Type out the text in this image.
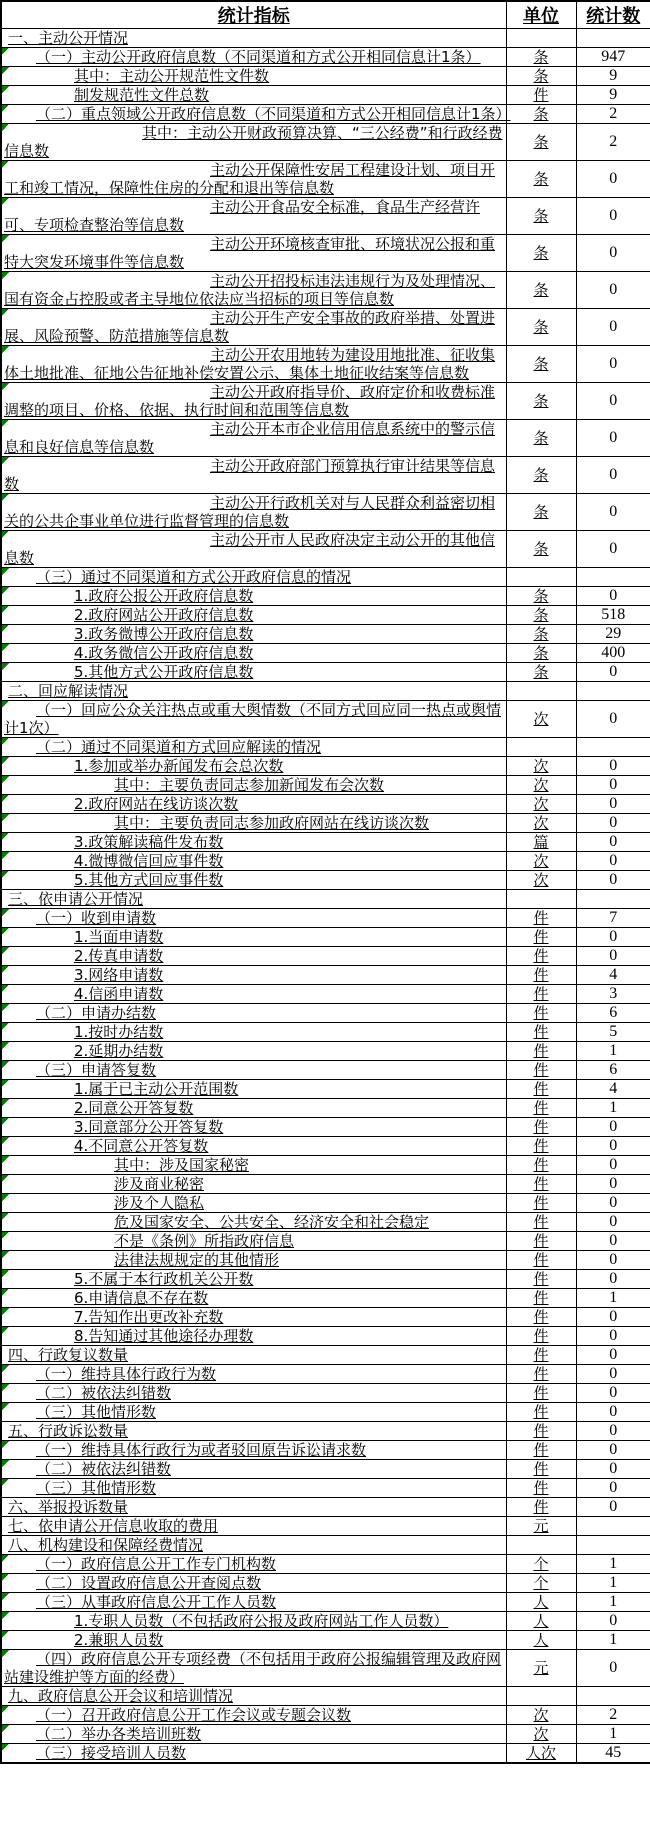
统计指标	单位	统计数
一、主动公开情况		

（一）主动公开政府信息数（不同渠道和方式公开相同信息计1条）	条	947

其中：主动公开规范性文件数	条	9

制发规范性文件总数	件	9

（二）重点领域公开政府信息数（不同渠道和方式公开相同信息计1条）	条	2

其中：主动公开财政预算决算、“三公经费”和行政经费信息数	条	2

主动公开保障性安居工程建设计划、项目开工和竣工情况，保障性住房的分配和退出等信息数	条	0

主动公开食品安全标准，食品生产经营许可、专项检查整治等信息数	条	0

主动公开环境核查审批、环境状况公报和重特大突发环境事件等信息数	条	0

主动公开招投标违法违规行为及处理情况、国有资金占控股或者主导地位依法应当招标的项目等信息数	条	0

主动公开生产安全事故的政府举措、处置进展、风险预警、防范措施等信息数	条	0

主动公开农用地转为建设用地批准、征收集体土地批准、征地公告征地补偿安置公示、集体土地征收结案等信息数	条	0

主动公开政府指导价、政府定价和收费标准调整的项目、价格、依据、执行时间和范围等信息数	条	0

主动公开本市企业信用信息系统中的警示信息和良好信息等信息数	条	0

主动公开政府部门预算执行审计结果等信息数	条	0

主动公开行政机关对与人民群众利益密切相关的公共企事业单位进行监督管理的信息数	条	0

主动公开市人民政府决定主动公开的其他信息数	条	0

（三）通过不同渠道和方式公开政府信息的情况		

1.政府公报公开政府信息数	条	0

2.政府网站公开政府信息数	条	518

3.政务微博公开政府信息数	条	29

4.政务微信公开政府信息数	条	400

5.其他方式公开政府信息数	条	0
二、回应解读情况		

（一）回应公众关注热点或重大舆情数（不同方式回应同一热点或舆情计1次）	次	0

（二）通过不同渠道和方式回应解读的情况		

1.参加或举办新闻发布会总次数	次	0

其中：主要负责同志参加新闻发布会次数	次	0

2.政府网站在线访谈次数	次	0

其中：主要负责同志参加政府网站在线访谈次数	次	0

3.政策解读稿件发布数	篇	0

4.微博微信回应事件数	次	0

5.其他方式回应事件数	次	0
三、依申请公开情况		

（一）收到申请数	件	7

1.当面申请数	件	0

2.传真申请数	件	0

3.网络申请数	件	4

4.信函申请数	件	3

（二）申请办结数	件	6

1.按时办结数	件	5

2.延期办结数	件	1

（三）申请答复数	件	6

1.属于已主动公开范围数	件	4

2.同意公开答复数	件	1

3.同意部分公开答复数	件	0

4.不同意公开答复数	件	0

其中：涉及国家秘密	件	0

涉及商业秘密	件	0

涉及个人隐私	件	0

危及国家安全、公共安全、经济安全和社会稳定	件	0

不是《条例》所指政府信息	件	0

法律法规规定的其他情形	件	0

5.不属于本行政机关公开数	件	0

6.申请信息不存在数	件	1

7.告知作出更改补充数	件	0

8.告知通过其他途径办理数	件	0
四、行政复议数量	件	0

（一）维持具体行政行为数	件	0

（二）被依法纠错数	件	0

（三）其他情形数	件	0
五、行政诉讼数量	件	0

（一）维持具体行政行为或者驳回原告诉讼请求数	件	0

（二）被依法纠错数	件	0

（三）其他情形数	件	0
六、举报投诉数量	件	0
七、依申请公开信息收取的费用	元	
八、机构建设和保障经费情况		

（一）政府信息公开工作专门机构数	个	1

（二）设置政府信息公开查阅点数	个	1

（三）从事政府信息公开工作人员数	人	1

1.专职人员数（不包括政府公报及政府网站工作人员数）	人	0

2.兼职人员数	人	1

（四）政府信息公开专项经费（不包括用于政府公报编辑管理及政府网站建设维护等方面的经费）	元	0
九、政府信息公开会议和培训情况		

（一）召开政府信息公开工作会议或专题会议数	次	2

（二）举办各类培训班数	次	1

（三）接受培训人员数	人次	45
